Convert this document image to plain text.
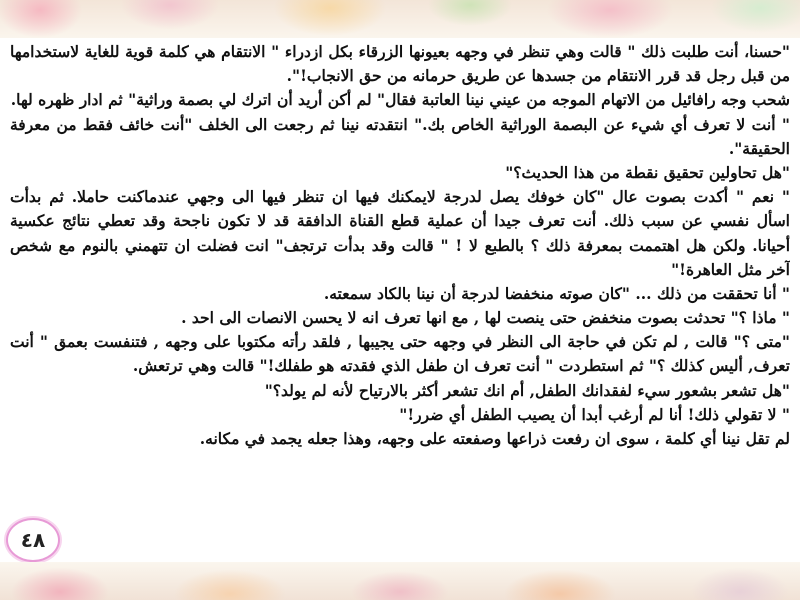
"حسنا، أنت طلبت ذلك " قالت وهي تنظر في وجهه بعيونها الزرقاء بكل ازدراء " الانتقام هي كلمة قوية للغاية لاستخدامها
من قبل رجل قد قرر الانتقام من جسدها عن طريق حرمانه من حق الانجاب!".
شحب وجه رافائيل من الاتهام الموجه من عيني نينا العاتبة فقال" لم أكن أريد أن اترك لي بصمة وراثية" ثم ادار ظهره لها.
" أنت لا تعرف أي شيء عن البصمة الوراثية الخاص بك." انتقدته نينا ثم رجعت الى الخلف "أنت خائف فقط من معرفة
الحقيقة".
"هل تحاولين تحقيق نقطة من هذا الحديث؟"
" نعم " أكدت بصوت عال "كان خوفك يصل لدرجة لايمكنك فيها ان تنظر فيها الى وجهي عندماكنت حاملا. ثم بدأت
اسأل نفسي عن سبب ذلك. أنت تعرف جيدا أن عملية قطع القناة الدافقة قد لا تكون ناجحة وقد تعطي نتائج عكسية
أحيانا. ولكن هل اهتممت بمعرفة ذلك ؟ بالطبع لا ! " قالت وقد بدأت ترتجف" انت فضلت ان تتهمني بالنوم مع شخص
آخر مثل العاهرة!"
" أنا تحققت من ذلك ... "كان صوته منخفضا لدرجة أن نينا بالكاد سمعته.
" ماذا ؟" تحدثت بصوت منخفض حتى ينصت لها , مع انها تعرف انه لا يحسن الانصات الى احد .
"متى ؟" قالت , لم تكن في حاجة الى النظر في وجهه حتى يجيبها , فلقد رأته مكتوبا على وجهه , فتنفست بعمق " أنت
تعرف, أليس كذلك ؟" ثم استطردت " أنت تعرف ان طفل الذي فقدته هو طفلك!" قالت وهي ترتعش.
"هل تشعر بشعور سيء لفقدانك الطفل, أم انك تشعر أكثر بالارتياح لأنه لم يولد؟"
" لا تقولي ذلك! أنا لم أرغب أبدا أن يصيب الطفل أي ضرر!"
لم تقل نينا أي كلمة ، سوى ان رفعت ذراعها وصفعته على وجهه، وهذا جعله يجمد في مكانه.
٤٨
